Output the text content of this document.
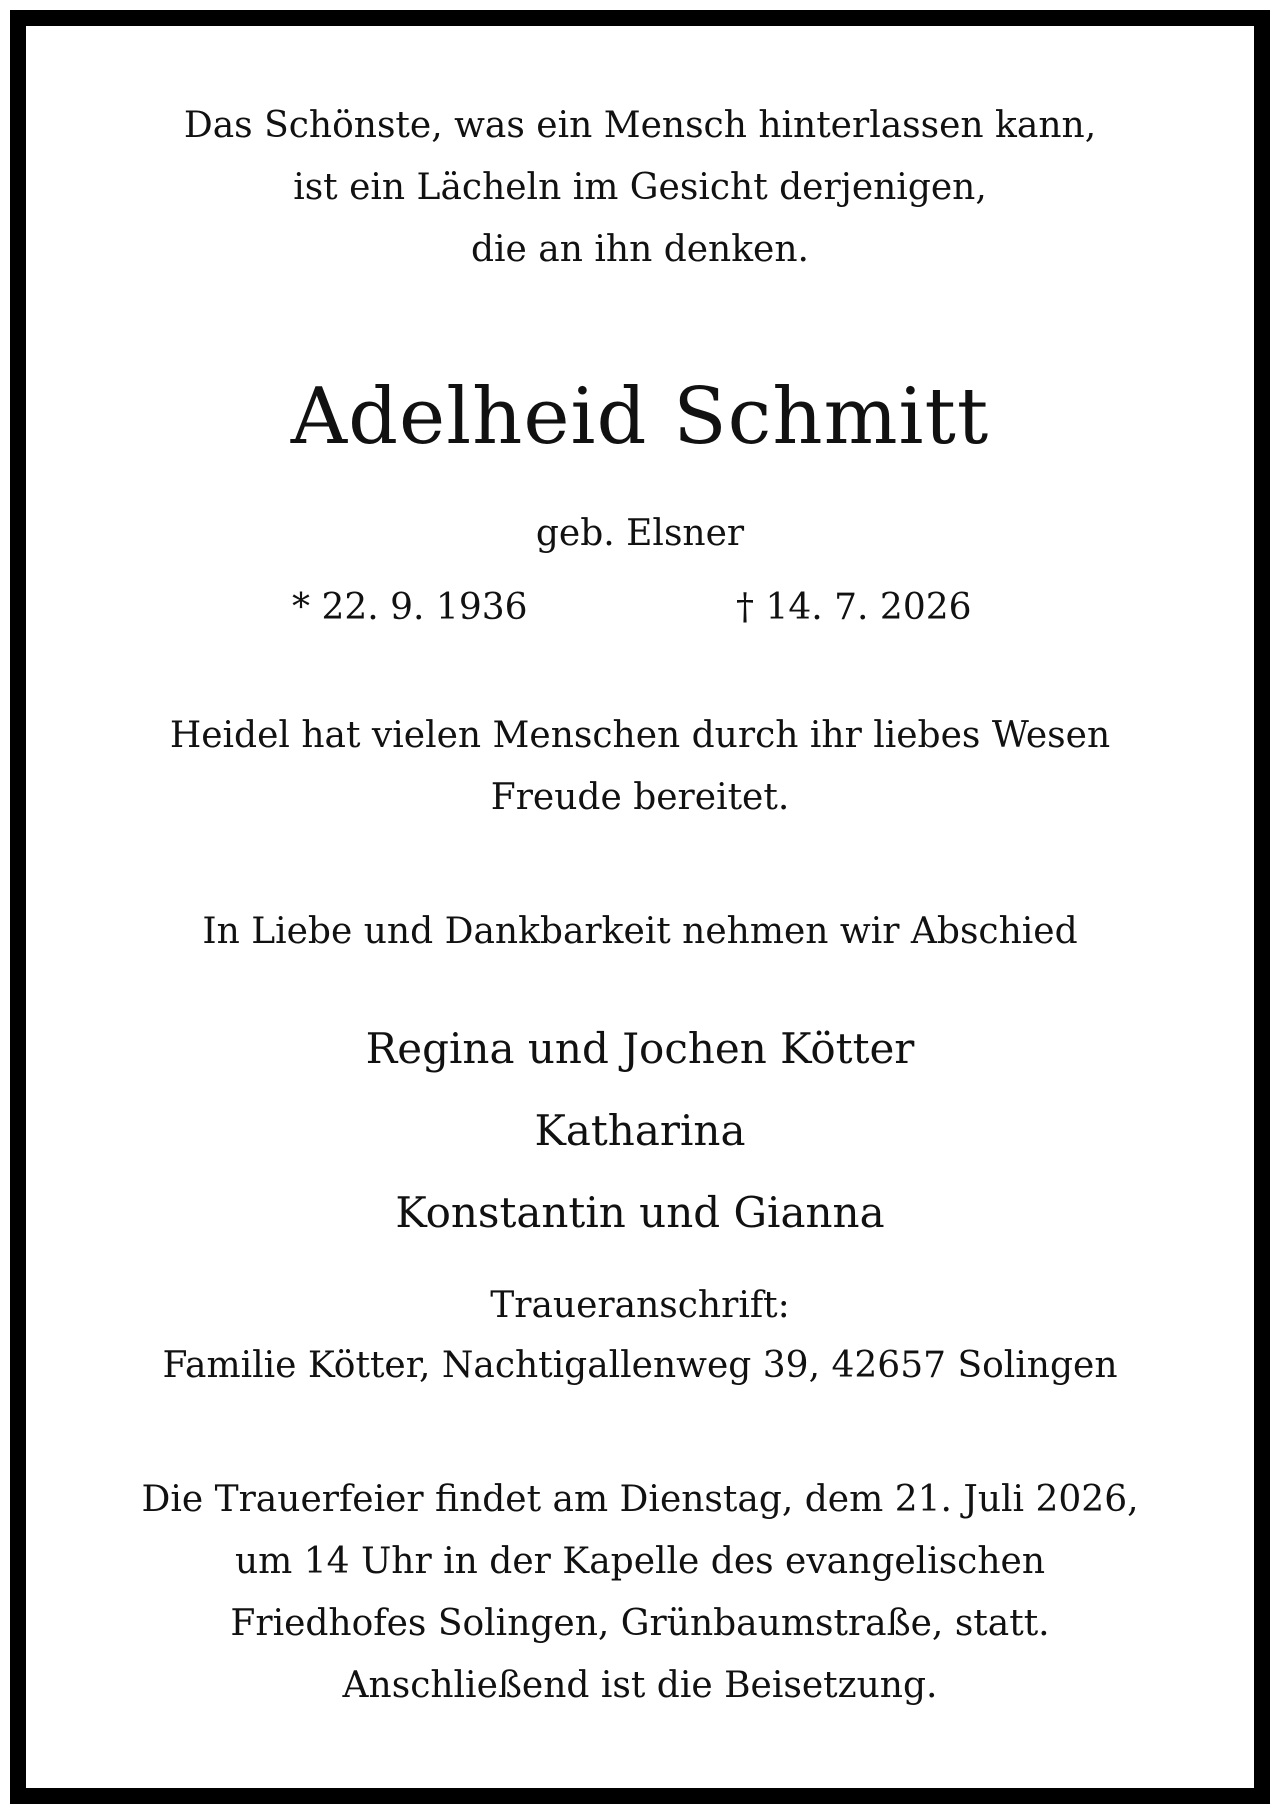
Das Schönste, was ein Mensch hinterlassen kann,
ist ein Lächeln im Gesicht derjenigen,
die an ihn denken.
Adelheid Schmitt
geb. Elsner
* 22. 9. 1936	† 14. 7. 2026
Heidel hat vielen Menschen durch ihr liebes Wesen
Freude bereitet.
In Liebe und Dankbarkeit nehmen wir Abschied
Regina und Jochen Kötter
Katharina
Konstantin und Gianna
Traueranschrift:
Familie Kötter, Nachtigallenweg 39, 42657 Solingen
Die Trauerfeier findet am Dienstag, dem 21. Juli 2026,
um 14 Uhr in der Kapelle des evangelischen
Friedhofes Solingen, Grünbaumstraße, statt.
Anschließend ist die Beisetzung.
